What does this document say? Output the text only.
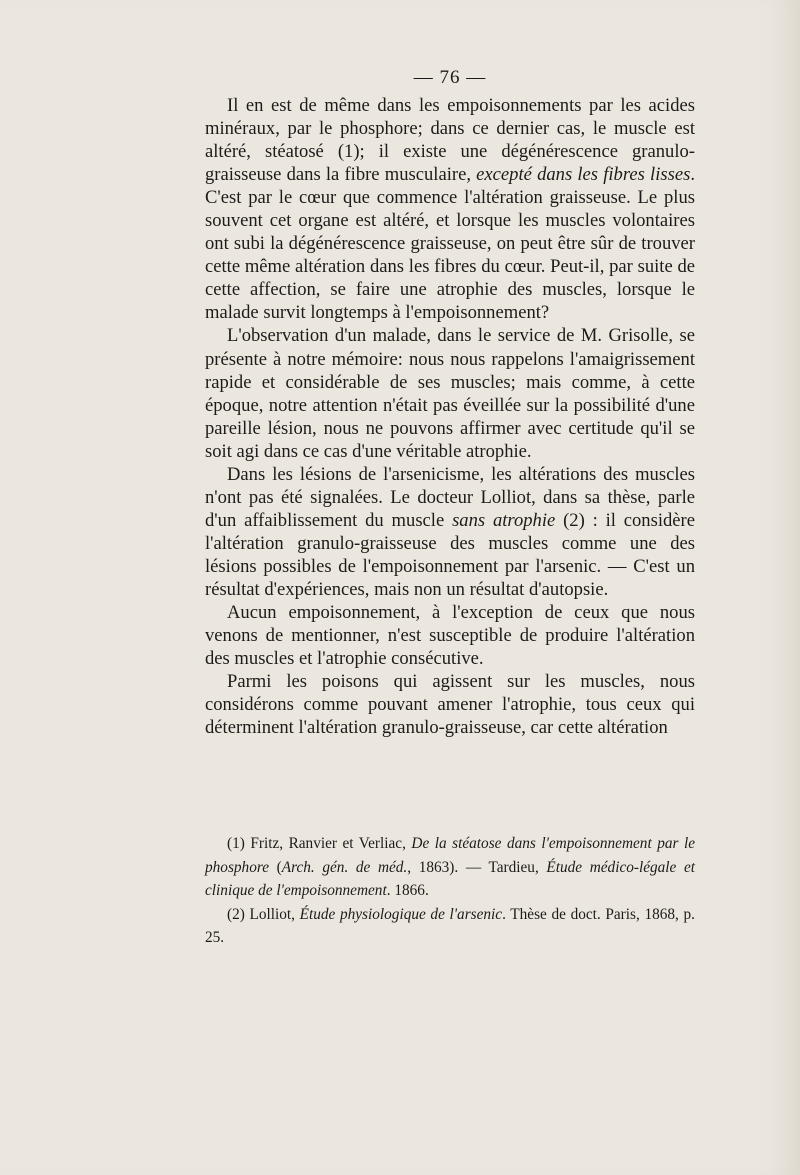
— 76 —

Il en est de même dans les empoisonnements par les acides minéraux, par le phosphore; dans ce dernier cas, le muscle est altéré, stéatosé (1); il existe une dégénérescence granulo-graisseuse dans la fibre musculaire, excepté dans les fibres lisses. C'est par le cœur que commence l'altération graisseuse. Le plus souvent cet organe est altéré, et lorsque les muscles volontaires ont subi la dégénérescence graisseuse, on peut être sûr de trouver cette même altération dans les fibres du cœur. Peut-il, par suite de cette affection, se faire une atrophie des muscles, lorsque le malade survit longtemps à l'empoisonnement?

L'observation d'un malade, dans le service de M. Grisolle, se présente à notre mémoire: nous nous rappelons l'amaigrissement rapide et considérable de ses muscles; mais comme, à cette époque, notre attention n'était pas éveillée sur la possibilité d'une pareille lésion, nous ne pouvons affirmer avec certitude qu'il se soit agi dans ce cas d'une véritable atrophie.

Dans les lésions de l'arsenicisme, les altérations des muscles n'ont pas été signalées. Le docteur Lolliot, dans sa thèse, parle d'un affaiblissement du muscle sans atrophie (2) : il considère l'altération granulo-graisseuse des muscles comme une des lésions possibles de l'empoisonnement par l'arsenic. — C'est un résultat d'expériences, mais non un résultat d'autopsie.

Aucun empoisonnement, à l'exception de ceux que nous venons de mentionner, n'est susceptible de produire l'altération des muscles et l'atrophie consécutive.

Parmi les poisons qui agissent sur les muscles, nous considérons comme pouvant amener l'atrophie, tous ceux qui déterminent l'altération granulo-graisseuse, car cette altération

(1) Fritz, Ranvier et Verliac, De la stéatose dans l'empoisonnement par le phosphore (Arch. gén. de méd., 1863). — Tardieu, Étude médico-légale et clinique de l'empoisonnement. 1866.

(2) Lolliot, Étude physiologique de l'arsenic. Thèse de doct. Paris, 1868, p. 25.
